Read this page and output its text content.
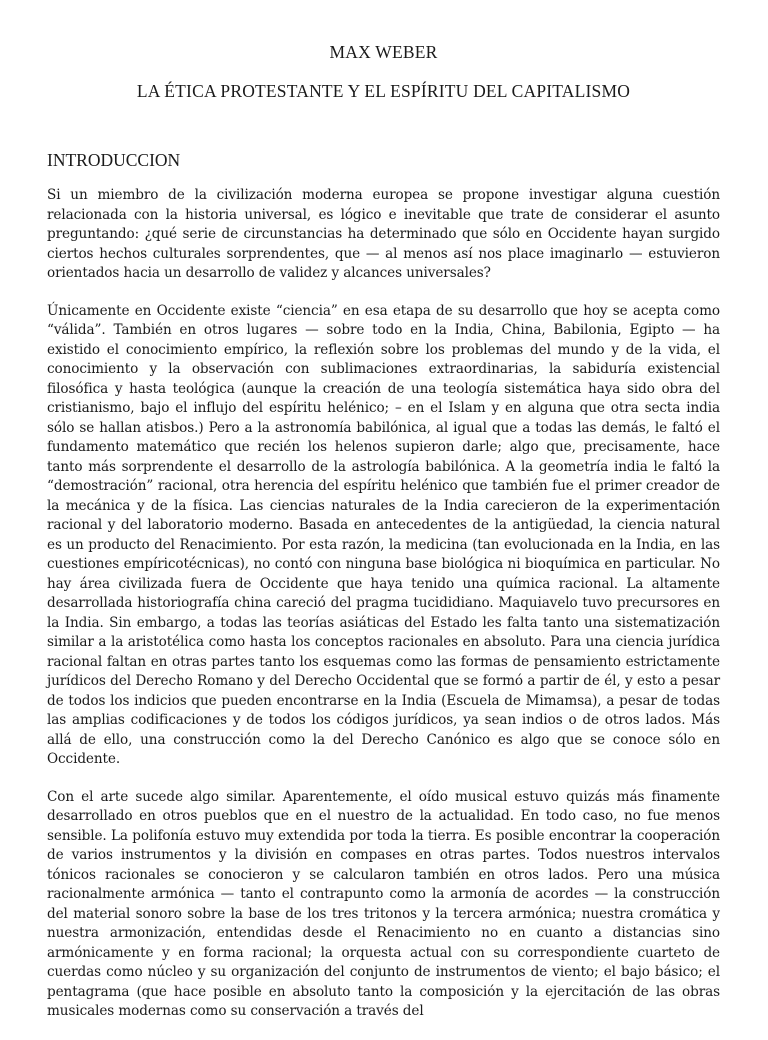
MAX WEBER
LA ÉTICA PROTESTANTE Y EL ESPÍRITU DEL CAPITALISMO
INTRODUCCION

Si un miembro de la civilización moderna europea se propone investigar alguna cuestión relacionada con la historia universal, es lógico e inevitable que trate de considerar el asunto preguntando: ¿qué serie de circunstancias ha determinado que sólo en Occidente hayan surgido ciertos hechos culturales sorprendentes, que — al menos así nos place imaginarlo — estuvieron orientados hacia un desarrollo de validez y alcances universales?

Únicamente en Occidente existe “ciencia” en esa etapa de su desarrollo que hoy se acepta como “válida”. También en otros lugares — sobre todo en la India, China, Babilonia, Egipto — ha existido el conocimiento empírico, la reflexión sobre los problemas del mundo y de la vida, el conocimiento y la observación con sublimaciones extraordinarias, la sabiduría existencial filosófica y hasta teológica (aunque la creación de una teología sistemática haya sido obra del cristianismo, bajo el influjo del espíritu helénico; – en el Islam y en alguna que otra secta india sólo se hallan atisbos.) Pero a la astronomía babilónica, al igual que a todas las demás, le faltó el fundamento matemático que recién los helenos supieron darle; algo que, precisamente, hace tanto más sorprendente el desarrollo de la astrología babilónica. A la geometría india le faltó la “demostración” racional, otra herencia del espíritu helénico que también fue el primer creador de la mecánica y de la física. Las ciencias naturales de la India carecieron de la experimentación racional y del laboratorio moderno. Basada en antecedentes de la antigüedad, la ciencia natural es un producto del Renacimiento. Por esta razón, la medicina (tan evolucionada en la India, en las cuestiones empíricotécnicas), no contó con ninguna base biológica ni bioquímica en particular. No hay área civilizada fuera de Occidente que haya tenido una química racional. La altamente desarrollada historiografía china careció del pragma tucididiano. Maquiavelo tuvo precursores en la India. Sin embargo, a todas las teorías asiáticas del Estado les falta tanto una sistematización similar a la aristotélica como hasta los conceptos racionales en absoluto. Para una ciencia jurídica racional faltan en otras partes tanto los esquemas como las formas de pensamiento estrictamente jurídicos del Derecho Romano y del Derecho Occidental que se formó a partir de él, y esto a pesar de todos los indicios que pueden encontrarse en la India (Escuela de Mimamsa), a pesar de todas las amplias codificaciones y de todos los códigos jurídicos, ya sean indios o de otros lados. Más allá de ello, una construcción como la del Derecho Canónico es algo que se conoce sólo en Occidente.

Con el arte sucede algo similar. Aparentemente, el oído musical estuvo quizás más finamente desarrollado en otros pueblos que en el nuestro de la actualidad. En todo caso, no fue menos sensible. La polifonía estuvo muy extendida por toda la tierra. Es posible encontrar la cooperación de varios instrumentos y la división en compases en otras partes. Todos nuestros intervalos tónicos racionales se conocieron y se calcularon también en otros lados. Pero una música racionalmente armónica — tanto el contrapunto como la armonía de acordes — la construcción del material sonoro sobre la base de los tres tritonos y la tercera armónica; nuestra cromática y nuestra armonización, entendidas desde el Renacimiento no en cuanto a distancias sino armónicamente y en forma racional; la orquesta actual con su correspondiente cuarteto de cuerdas como núcleo y su organización del conjunto de instrumentos de viento; el bajo básico; el pentagrama (que hace posible en absoluto tanto la composición y la ejercitación de las obras musicales modernas como su conservación a través del
